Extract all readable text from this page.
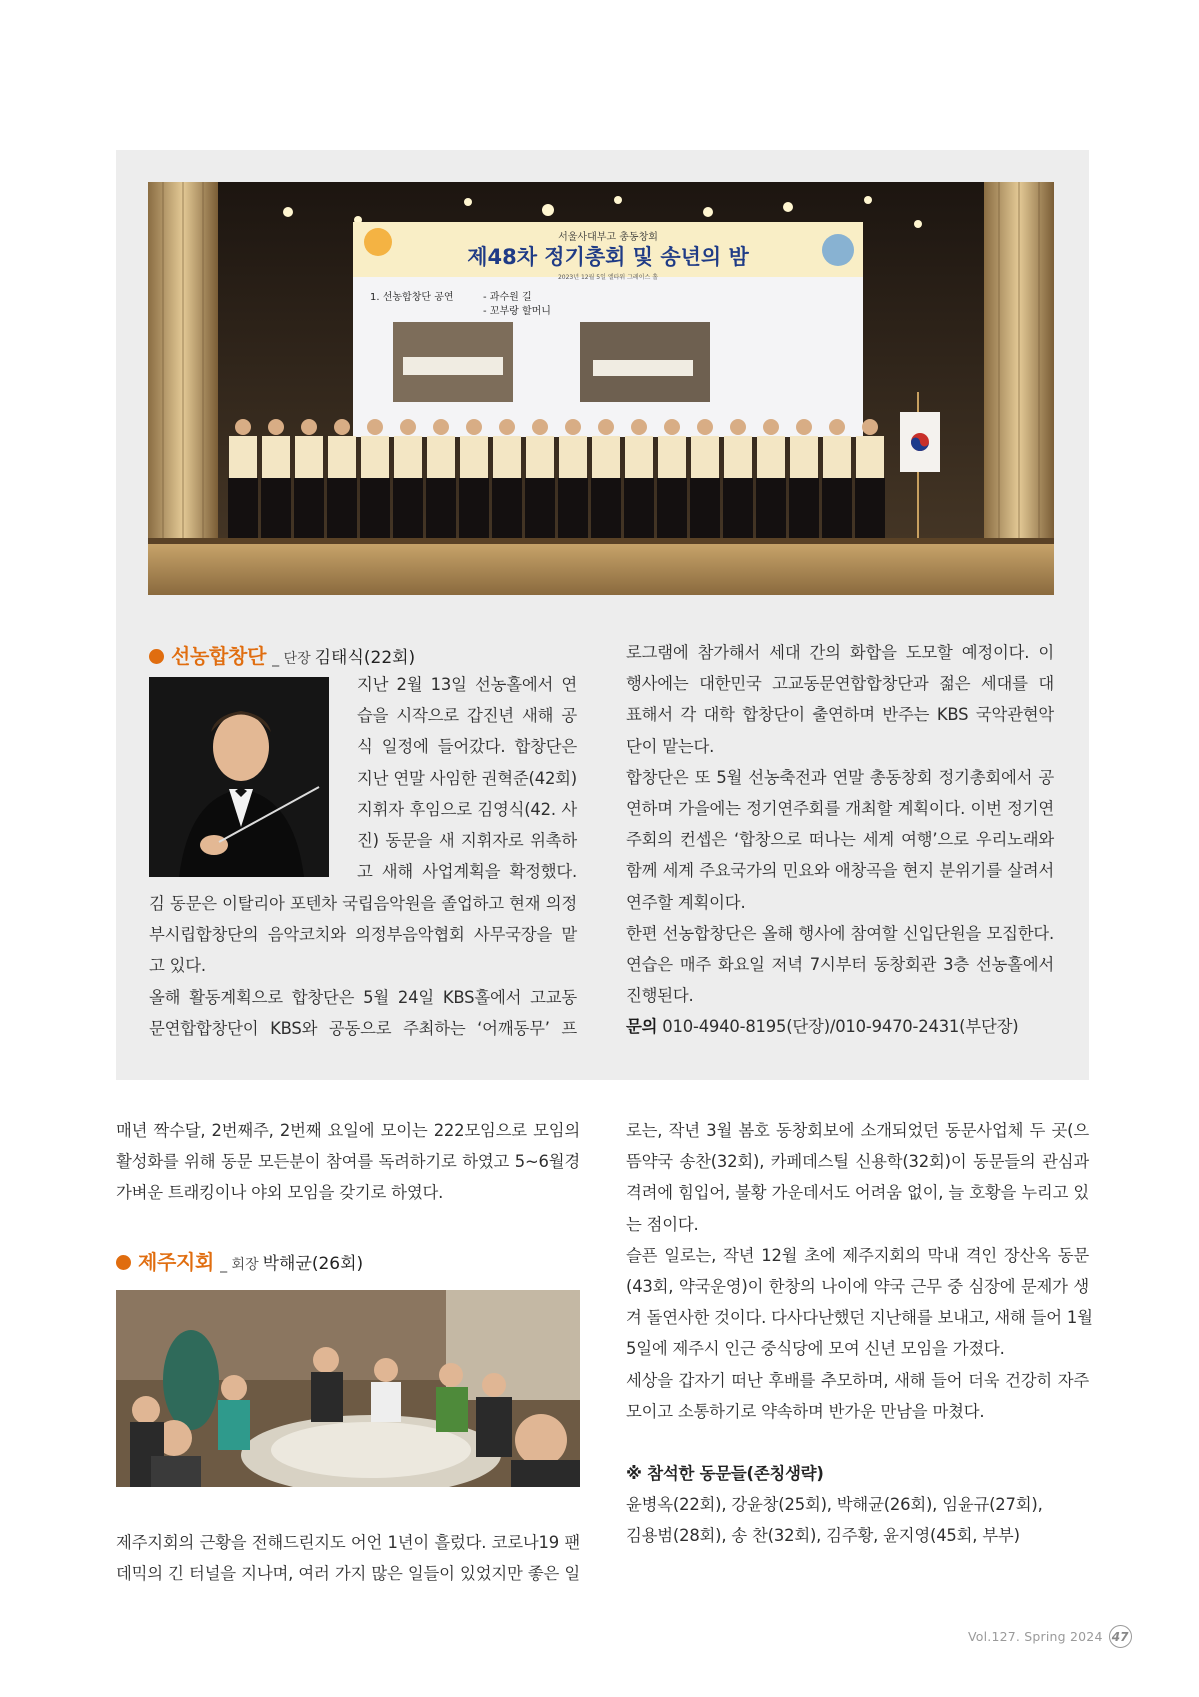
서울사대부고 총동창회
제48차 정기총회 및 송년의 밤
2023년 12월 5일 엘타워 그레이스 홀
1. 선농합창단 공연	- 과수원 길
- 꼬부랑 할머니
선농합창단 _ 단장 김태식(22회)
지난 2월 13일 선농홀에서 연
습을 시작으로 갑진년 새해 공
식 일정에 들어갔다. 합창단은
지난 연말 사임한 권혁준(42회)
지휘자 후임으로 김영식(42. 사
진) 동문을 새 지휘자로 위촉하
고 새해 사업계획을 확정했다.
김 동문은 이탈리아 포텐차 국립음악원을 졸업하고 현재 의정
부시립합창단의 음악코치와 의정부음악협회 사무국장을 맡
고 있다.
올해 활동계획으로 합창단은 5월 24일 KBS홀에서 고교동
문연합합창단이 KBS와 공동으로 주최하는 ‘어깨동무’ 프
로그램에 참가해서 세대 간의 화합을 도모할 예정이다. 이
행사에는 대한민국 고교동문연합합창단과 젊은 세대를 대
표해서 각 대학 합창단이 출연하며 반주는 KBS 국악관현악
단이 맡는다.
합창단은 또 5월 선농축전과 연말 총동창회 정기총회에서 공
연하며 가을에는 정기연주회를 개최할 계획이다. 이번 정기연
주회의 컨셉은 ‘합창으로 떠나는 세계 여행’으로 우리노래와
함께 세계 주요국가의 민요와 애창곡을 현지 분위기를 살려서
연주할 계획이다.
한편 선농합창단은 올해 행사에 참여할 신입단원을 모집한다.
연습은 매주 화요일 저녁 7시부터 동창회관 3층 선농홀에서
진행된다.
문의 010-4940-8195(단장)/010-9470-2431(부단장)
매년 짝수달, 2번째주, 2번째 요일에 모이는 222모임으로 모임의
활성화를 위해 동문 모든분이 참여를 독려하기로 하였고 5~6월경
가벼운 트래킹이나 야외 모임을 갖기로 하였다.
제주지회 _ 회장 박해균(26회)
제주지회의 근황을 전해드린지도 어언 1년이 흘렀다. 코로나19 팬
데믹의 긴 터널을 지나며, 여러 가지 많은 일들이 있었지만 좋은 일
로는, 작년 3월 봄호 동창회보에 소개되었던 동문사업체 두 곳(으
뜸약국 송찬(32회), 카페데스틸 신용학(32회)이 동문들의 관심과
격려에 힘입어, 불황 가운데서도 어려움 없이, 늘 호황을 누리고 있
는 점이다.
슬픈 일로는, 작년 12월 초에 제주지회의 막내 격인 장산옥 동문
(43회, 약국운영)이 한창의 나이에 약국 근무 중 심장에 문제가 생
겨 돌연사한 것이다. 다사다난했던 지난해를 보내고, 새해 들어 1월
5일에 제주시 인근 중식당에 모여 신년 모임을 가졌다.
세상을 갑자기 떠난 후배를 추모하며, 새해 들어 더욱 건강히 자주
모이고 소통하기로 약속하며 반가운 만남을 마쳤다.
※ 참석한 동문들(존칭생략)
윤병옥(22회), 강윤창(25회), 박해균(26회), 임윤규(27회),
김용범(28회), 송 찬(32회), 김주황, 윤지영(45회, 부부)
Vol.127. Spring 2024 47
